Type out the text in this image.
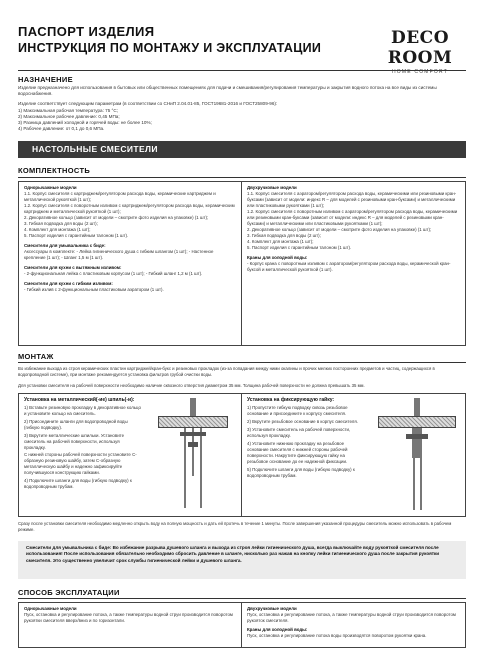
ПАСПОРТ ИЗДЕЛИЯ
ИНСТРУКЦИЯ ПО МОНТАЖУ И ЭКСПЛУАТАЦИИ	DECO ROOM
HOME COMFORT
НАЗНАЧЕНИЕ
Изделие предназначено для использования в бытовых или общественных помещениях для подачи и смешивания/регулирования температуры и закрытия водного потока на все виды из системы водоснабжения.
Изделие соответствует следующим параметрам (в соответствии со СНиП 2.04.01-85, ГОСТ19681-2016 и ГОСТ25809-96):
1) Максимальная рабочая температура: 75 °С;
2) Максимальное рабочее давление: 0,45 МПа;
3) Разница давлений холодной и горячей воды: не более 10%;
4) Рабочее давление: от 0,1 до 0,6 МПа.
НАСТОЛЬНЫЕ СМЕСИТЕЛИ
КОМПЛЕКТНОСТЬ
Однорычажные модели
1.1. Корпус смесителя с картриджем/регулятором расхода воды, керамические картриджем и металлической рукояткой (1 шт);
1.2. Корпус смесителя с поворотным изливом с картриджем/регулятором расхода воды, керамическим картриджем и металлической рукояткой (1 шт);
2. Декоративное кольцо (зависит от модели – смотрите фото изделия на упаковке) (1 шт);
3. Гибкая подводка для воды (2 шт);
4. Комплект для монтажа (1 шт);
5. Паспорт изделия с гарантийным талоном (1 шт).
Смесители для умывальника с биде:
Аксессуары в комплекте: - Лейка гигиенического душа с гибким шлангом (1 шт); - Настенное крепление (1 шт); - Шланг 1,5 м (1 шт).
Смесители для кухни с вытяжным изливом:
- 2-функциональная лейка с пластиковым корпусом (1 шт); - Гибкий шланг 1,2 м (1 шт).
Смесители для кухни с гибким изливом:
- Гибкий излив с 2-функциональным пластиковым аэратором (1 шт).
Двухручковые модели
1.1. Корпус смесителя с аэратором/регулятором расхода воды, керамическими или резиновыми кран-буксами (зависит от модели: индекс R – для моделей с резиновыми кран-буксами) и металлическими или пластиковыми рукоятками (1 шт);
1.2. Корпус смесителя с поворотным изливом с аэратором/регулятором расхода воды, керамическими или резиновыми кран-буксами (зависит от модели: индекс R – для моделей с резиновыми кран-буксами) и металлическими или пластиковыми рукоятками (1 шт);
2. Декоративное кольцо (зависит от модели – смотрите фото изделия на упаковке) (1 шт);
3. Гибкая подводка для воды (2 шт);
4. Комплект для монтажа (1 шт);
5. Паспорт изделия с гарантийным талоном (1 шт).
Краны для холодной воды:
- Корпус крана с поворотным изливом с аэратором/регулятором расхода воды, керамической кран-буксой и металлической рукояткой (1 шт).
МОНТАЖ
Во избежание выхода из строя керамических пластин картриджей/кран-букс и резиновых прокладок (из-за попадания между ними окалины и прочих мелких посторонних предметов и частиц, содержащихся в водопроводной системе), при монтаже рекомендуется установка фильтров грубой очистки воды.
Для установки смесителя на рабочей поверхности необходимо наличие сквозного отверстия диаметром 35 мм. Толщина рабочей поверхности не должна превышать 35 мм.
Установка на металлический(-ие) шпиль(-и):
1) Вставьте резиновую прокладку в декоративное кольцо и установите кольцо на смеситель.
2) Присоедините шланги для водопроводной воды (гибкую подводку).
3) Вкрутите металлические шпильки. Установите смеситель на рабочей поверхности, используя прокладку.
С нижней стороны рабочей поверхности установите С-образную резиновую шайбу, затем С-образную металлическую шайбу и надежно зафиксируйте получившуюся конструкцию гайками.
4) Подключите шланги для воды (гибкую подводку) к водопроводным трубам.
Установка на фиксирующую гайку:
1) Пропустите гибкую подводку сквозь резьбовое основание и присоедините к корпусу смесителя.
2) Вкрутите резьбовое основание в корпус смесителя.
3) Установите смеситель на рабочей поверхности, используя прокладку.
4) Установите нижнюю прокладку на резьбовое основание смесителя с нижней стороны рабочей поверхности. Накрутите фиксирующую гайку на резьбовое основание до ее надежной фиксации.
5) Подключите шланги для воды (гибкую подводку) к водопроводным трубам.
Сразу после установки смесителя необходимо медленно открыть воду на полную мощность и дать ей протечь в течение 1 минуты. После завершения указанной процедуры смеситель можно использовать в рабочем режиме.
Смесители для умывальника с биде: Во избежание разрыва душевого шланга и выхода из строя лейки гигиенического душа, всегда выключайте воду рукояткой смесителя после использования! После использования обязательно необходимо сбросить давление в шланге, нисколько раз нажав на кнопку лейки гигиенического душа после закрытия рукоятки смесителя. Это существенно увеличит срок службы гигиенической лейки и душевого шланга.
СПОСОБ ЭКСПЛУАТАЦИИ
Однорычажные модели
Пуск, остановка и регулирование потока, а также температуры водной струи производится поворотом рукоятки смесителя вверх/вниз и по горизонтали.
Двухручковые модели
Пуск, остановка и регулирование потока, а также температуры водной струи производится поворотом рукояток смесителя.
Краны для холодной воды:
Пуск, остановка и регулирование потока воды производятся поворотом рукоятки крана.
